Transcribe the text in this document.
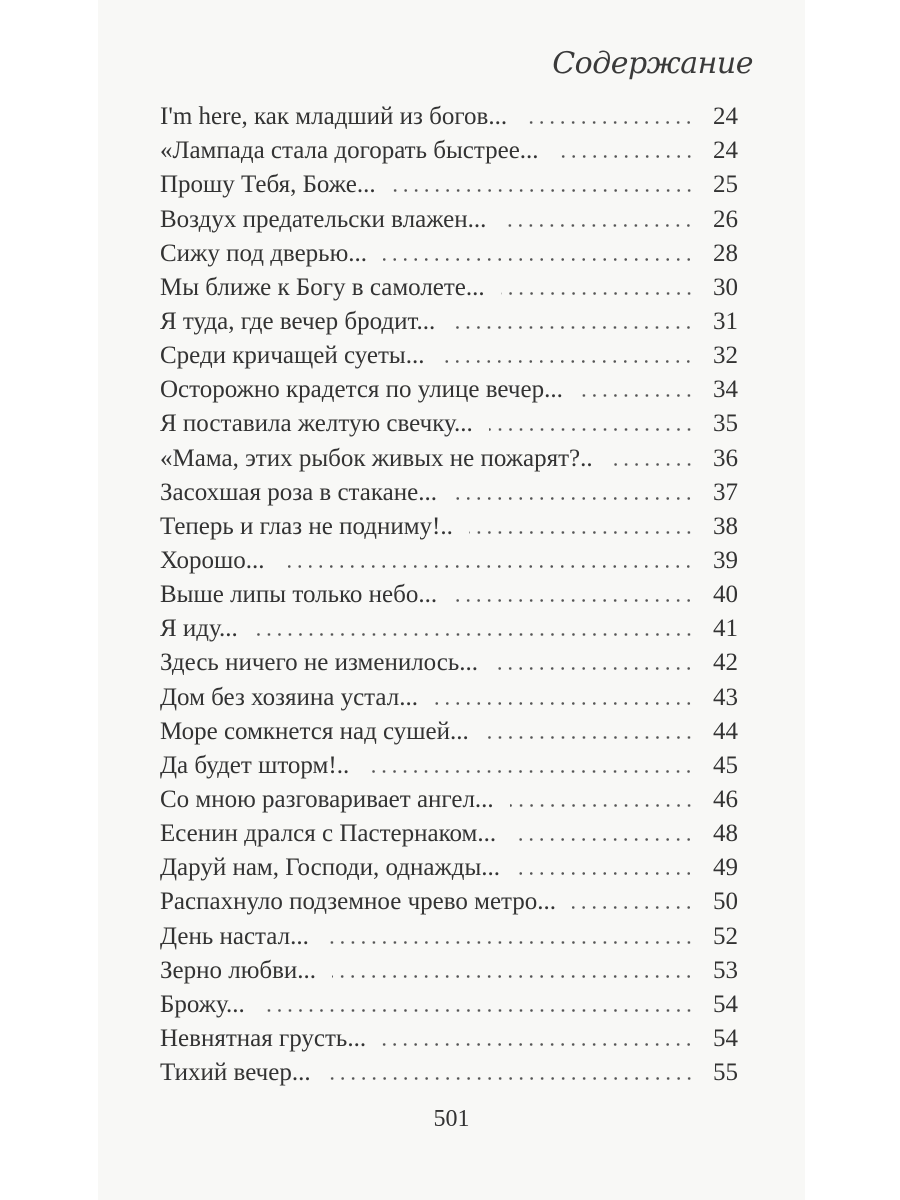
Содержание
I'm here, как младший из богов...	24
«Лампада стала догорать быстрее...	24
Прошу Тебя, Боже...	25
Воздух предательски влажен...	26
Сижу под дверью...	28
Мы ближе к Богу в самолете...	30
Я туда, где вечер бродит...	31
Среди кричащей суеты...	32
Осторожно крадется по улице вечер...	34
Я поставила желтую свечку...	35
«Мама, этих рыбок живых не пожарят?..	36
Засохшая роза в стакане...	37
Теперь и глаз не подниму!..	38
Хорошо...	39
Выше липы только небо...	40
Я иду...	41
Здесь ничего не изменилось...	42
Дом без хозяина устал...	43
Море сомкнется над сушей...	44
Да будет шторм!..	45
Со мною разговаривает ангел...	46
Есенин дрался с Пастернаком...	48
Даруй нам, Господи, однажды...	49
Распахнуло подземное чрево метро...	50
День настал...	52
Зерно любви...	53
Брожу...	54
Невнятная грусть...	54
Тихий вечер...	55
501
